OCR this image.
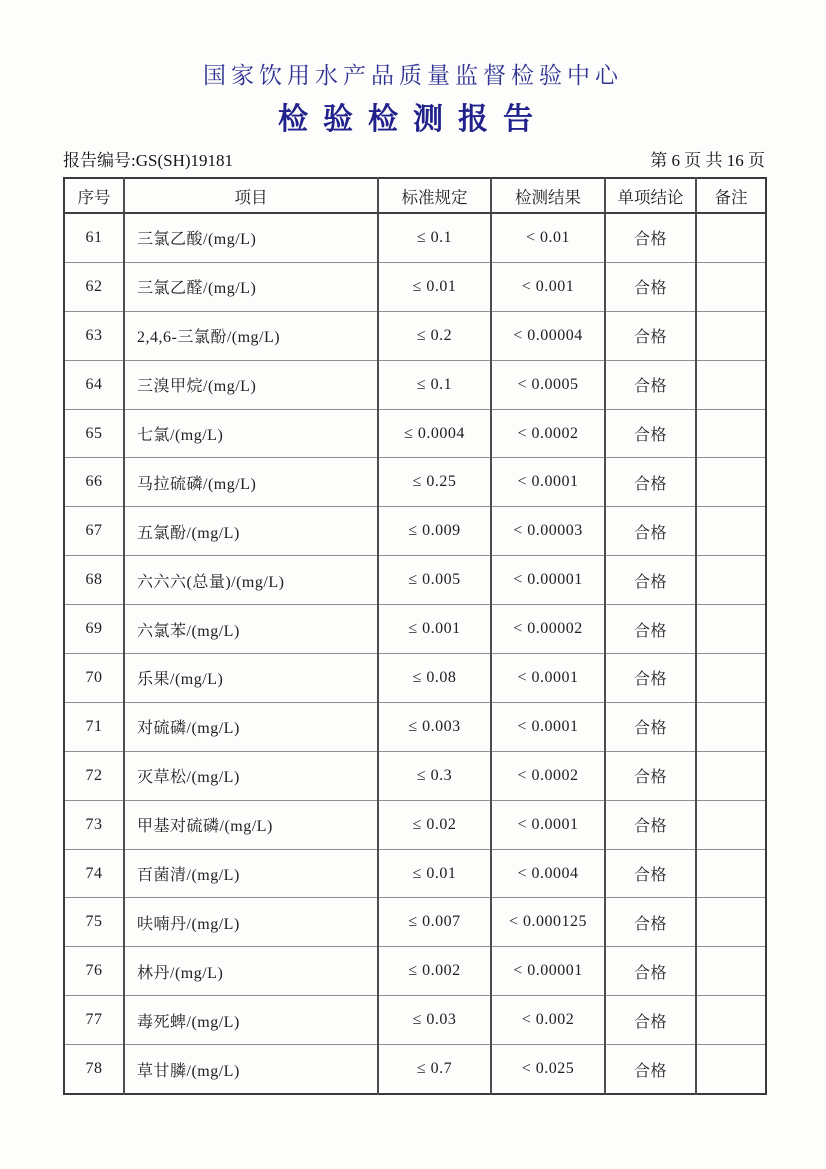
国家饮用水产品质量监督检验中心
检验检测报告
报告编号:GS(SH)19181	第 6 页 共 16 页
序号	项目	标准规定	检测结果	单项结论	备注
61	三氯乙酸/(mg/L)	≤ 0.1	< 0.01	合格	
62	三氯乙醛/(mg/L)	≤ 0.01	< 0.001	合格	
63	2,4,6-三氯酚/(mg/L)	≤ 0.2	< 0.00004	合格	
64	三溴甲烷/(mg/L)	≤ 0.1	< 0.0005	合格	
65	七氯/(mg/L)	≤ 0.0004	< 0.0002	合格	
66	马拉硫磷/(mg/L)	≤ 0.25	< 0.0001	合格	
67	五氯酚/(mg/L)	≤ 0.009	< 0.00003	合格	
68	六六六(总量)/(mg/L)	≤ 0.005	< 0.00001	合格	
69	六氯苯/(mg/L)	≤ 0.001	< 0.00002	合格	
70	乐果/(mg/L)	≤ 0.08	< 0.0001	合格	
71	对硫磷/(mg/L)	≤ 0.003	< 0.0001	合格	
72	灭草松/(mg/L)	≤ 0.3	< 0.0002	合格	
73	甲基对硫磷/(mg/L)	≤ 0.02	< 0.0001	合格	
74	百菌清/(mg/L)	≤ 0.01	< 0.0004	合格	
75	呋喃丹/(mg/L)	≤ 0.007	< 0.000125	合格	
76	林丹/(mg/L)	≤ 0.002	< 0.00001	合格	
77	毒死蜱/(mg/L)	≤ 0.03	< 0.002	合格	
78	草甘膦/(mg/L)	≤ 0.7	< 0.025	合格	
